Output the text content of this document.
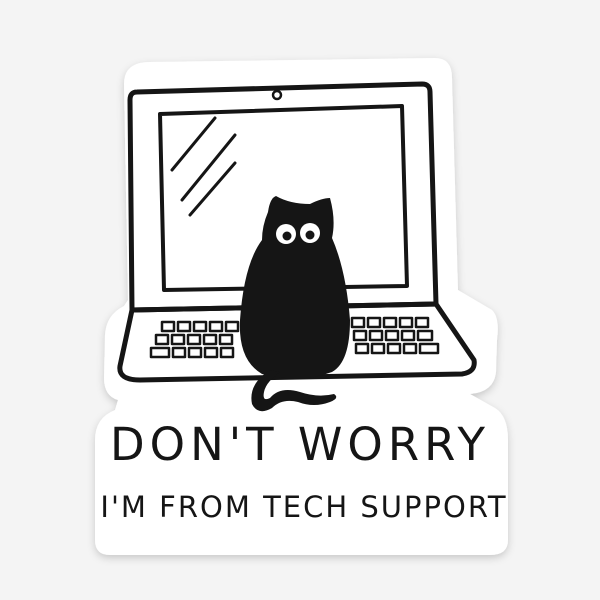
DON'T WORRY
I'M FROM TECH SUPPORT
